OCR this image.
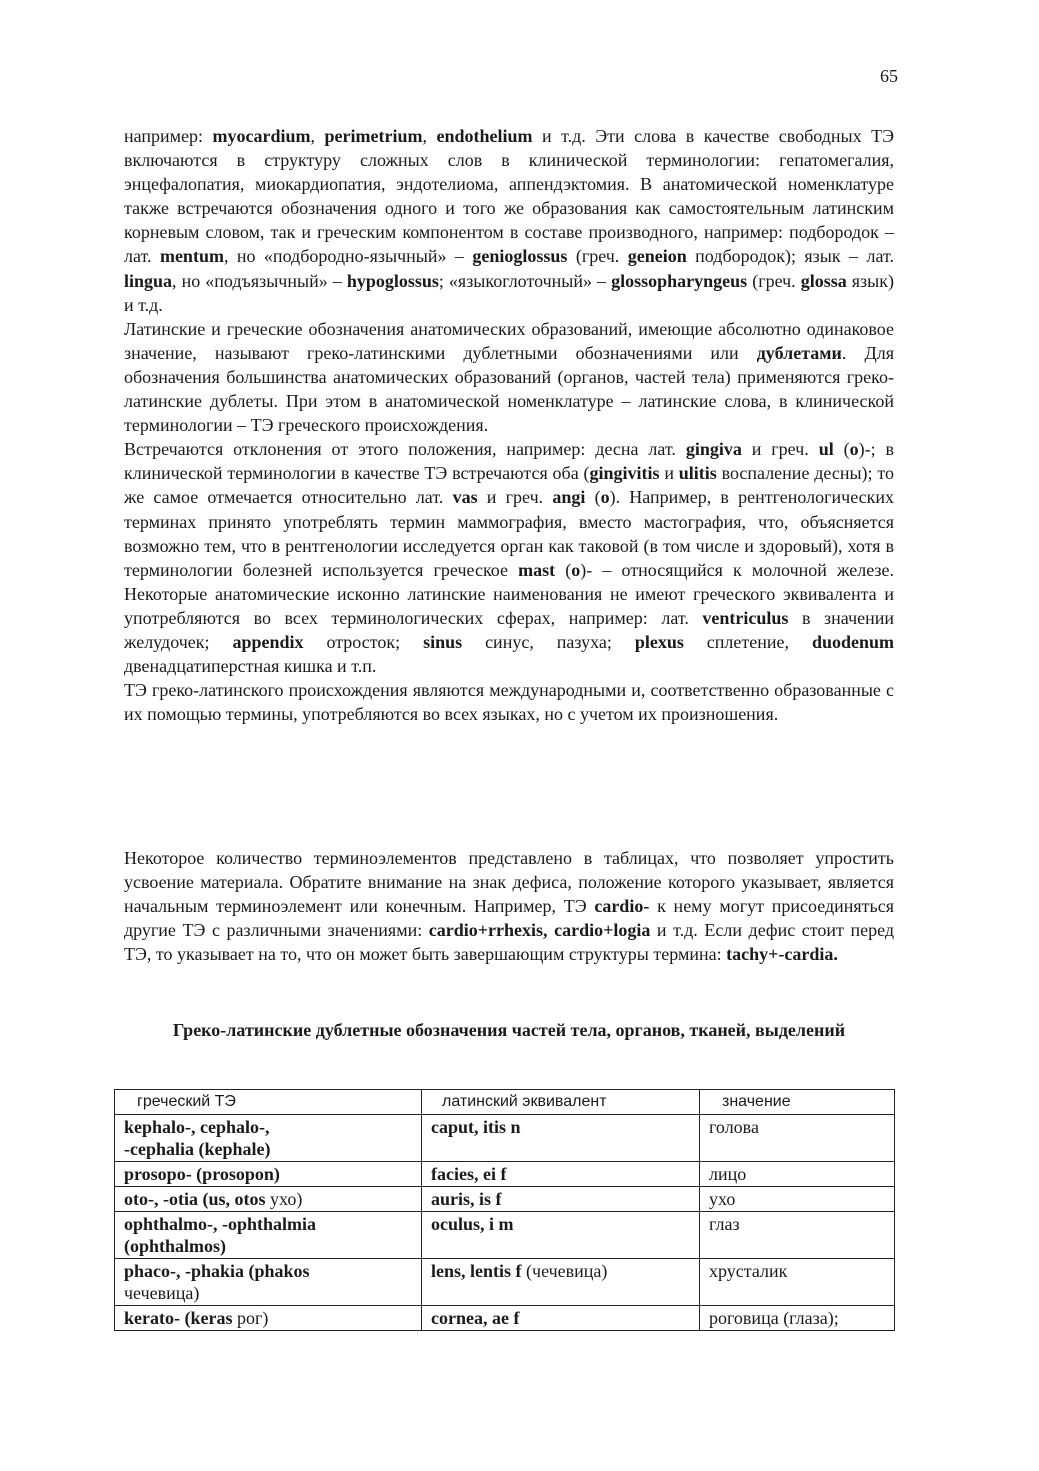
65
например: myocardium, perimetrium, endothelium и т.д. Эти слова в качестве свободных ТЭ включаются в структуру сложных слов в клинической терминологии: гепатомегалия, энцефалопатия, миокардиопатия, эндотелиома, аппендэктомия. В анатомической номенклатуре также встречаются обозначения одного и того же образования как самостоятельным латинским корневым словом, так и греческим компонентом в составе производного, например: подбородок – лат. mentum, но «подбородно-язычный» – genioglossus (греч. geneion подбородок); язык – лат. lingua, но «подъязычный» – hypoglossus; «языкоглоточный» – glossopharyngeus (греч. glossa язык) и т.д.
Латинские и греческие обозначения анатомических образований, имеющие абсолютно одинаковое значение, называют греко-латинскими дублетными обозначениями или дублетами. Для обозначения большинства анатомических образований (органов, частей тела) применяются греко-латинские дублеты. При этом в анатомической номенклатуре – латинские слова, в клинической терминологии – ТЭ греческого происхождения.
Встречаются отклонения от этого положения, например: десна лат. gingiva и греч. ul (o)-; в клинической терминологии в качестве ТЭ встречаются оба (gingivitis и ulitis воспаление десны); то же самое отмечается относительно лат. vas и греч. angi (o). Например, в рентгенологических терминах принято употреблять термин маммография, вместо мастография, что, объясняется возможно тем, что в рентгенологии исследуется орган как таковой (в том числе и здоровый), хотя в терминологии болезней используется греческое mast (o)- – относящийся к молочной железе. Некоторые анатомические исконно латинские наименования не имеют греческого эквивалента и употребляются во всех терминологических сферах, например: лат. ventriculus в значении желудочек; appendix отросток; sinus синус, пазуха; plexus сплетение, duodenum двенадцатиперстная кишка и т.п.
ТЭ греко-латинского происхождения являются международными и, соответственно образованные с их помощью термины, употребляются во всех языках, но с учетом их произношения.
Некоторое количество терминоэлементов представлено в таблицах, что позволяет упростить усвоение материала. Обратите внимание на знак дефиса, положение которого указывает, является начальным терминоэлемент или конечным. Например, ТЭ cardio- к нему могут присоединяться другие ТЭ с различными значениями: cardio+rrhexis, cardio+logia и т.д. Если дефис стоит перед ТЭ, то указывает на то, что он может быть завершающим структуры термина: tachy+-cardia.
Греко-латинские дублетные обозначения частей тела, органов, тканей, выделений
греческий ТЭ	латинский эквивалент	значение
kephalo-, cephalo-,
-cephalia (kephale)	caput, itis n	голова
prosopo- (prosopon)	facies, ei f	лицо
oto-, -otia (us, otos ухо)	auris, is f	ухо
ophthalmo-, -ophthalmia
(ophthalmos)	oculus, i m	глаз
phaco-, -phakia (phakos
чечевица)	lens, lentis f (чечевица)	хрусталик
kerato- (keras рог)	cornea, ae f	роговица (глаза);
